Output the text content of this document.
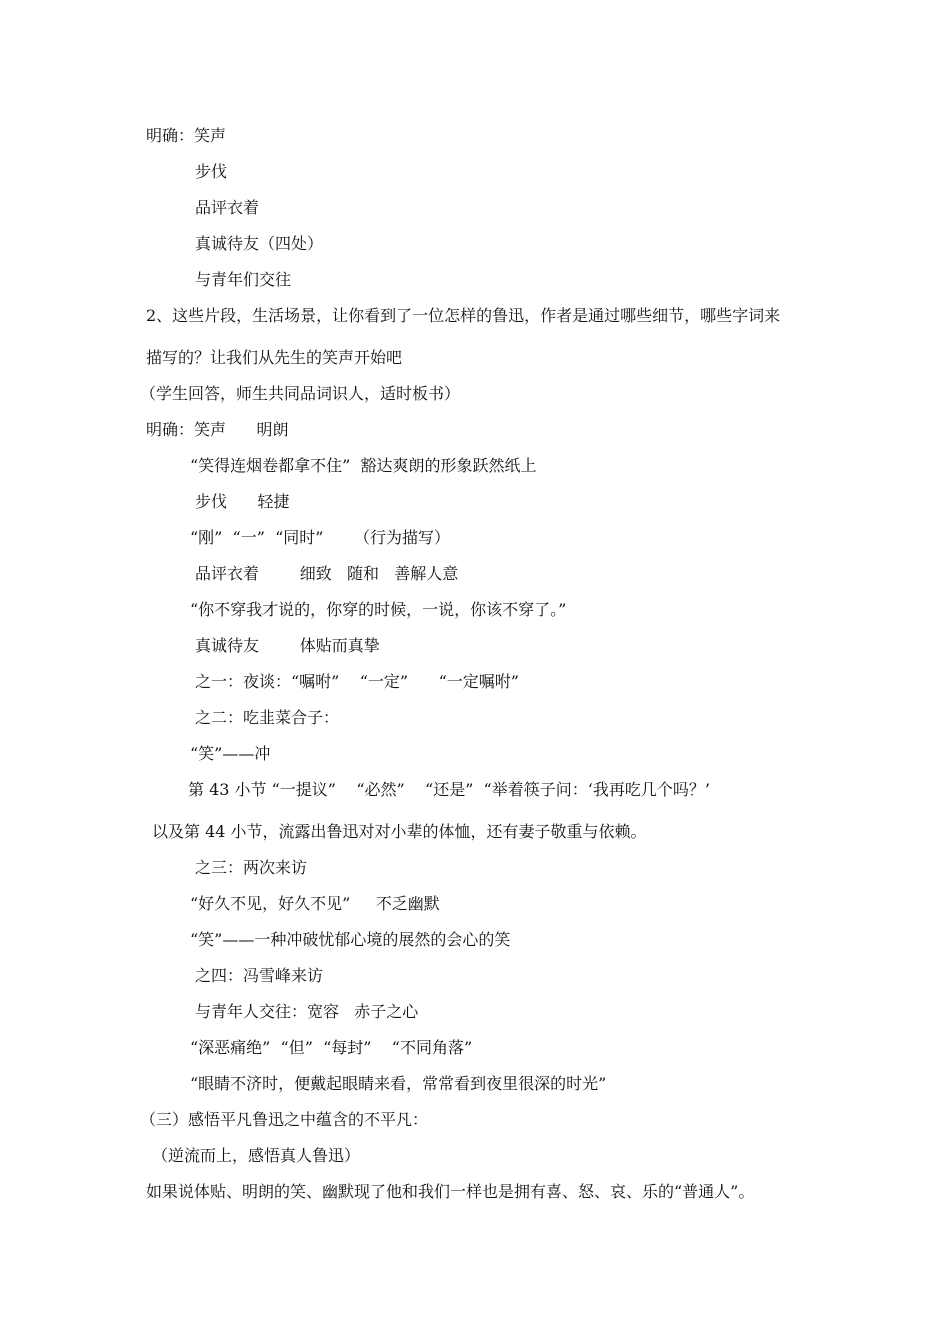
明确：笑声
步伐
品评衣着
真诚待友（四处）
与青年们交往
2、这些片段，生活场景，让你看到了一位怎样的鲁迅，作者是通过哪些细节，哪些字词来
描写的？让我们从先生的笑声开始吧
（学生回答，师生共同品词识人，适时板书）
明确：笑声      明朗
“笑得连烟卷都拿不住”  豁达爽朗的形象跃然纸上
步伐      轻捷
“刚”  “一”  “同时”      （行为描写）
品评衣着        细致   随和   善解人意
“你不穿我才说的，你穿的时候，一说，你该不穿了。”
真诚待友        体贴而真挚
之一：夜谈：“嘱咐”    “一定”      “一定嘱咐”
之二：吃韭菜合子：
“笑”——冲
第 43 小节 “一提议”    “必然”    “还是”  “举着筷子问：‘我再吃几个吗？’
以及第 44 小节，流露出鲁迅对对小辈的体恤，还有妻子敬重与依赖。
之三：两次来访
“好久不见，好久不见”     不乏幽默
“笑”——一种冲破忧郁心境的展然的会心的笑
之四：冯雪峰来访
与青年人交往：宽容   赤子之心
“深恶痛绝”  “但”  “每封”    “不同角落”
“眼睛不济时，便戴起眼睛来看，常常看到夜里很深的时光”
（三）感悟平凡鲁迅之中蕴含的不平凡：
（逆流而上，感悟真人鲁迅）
如果说体贴、明朗的笑、幽默现了他和我们一样也是拥有喜、怒、哀、乐的“普通人”。
